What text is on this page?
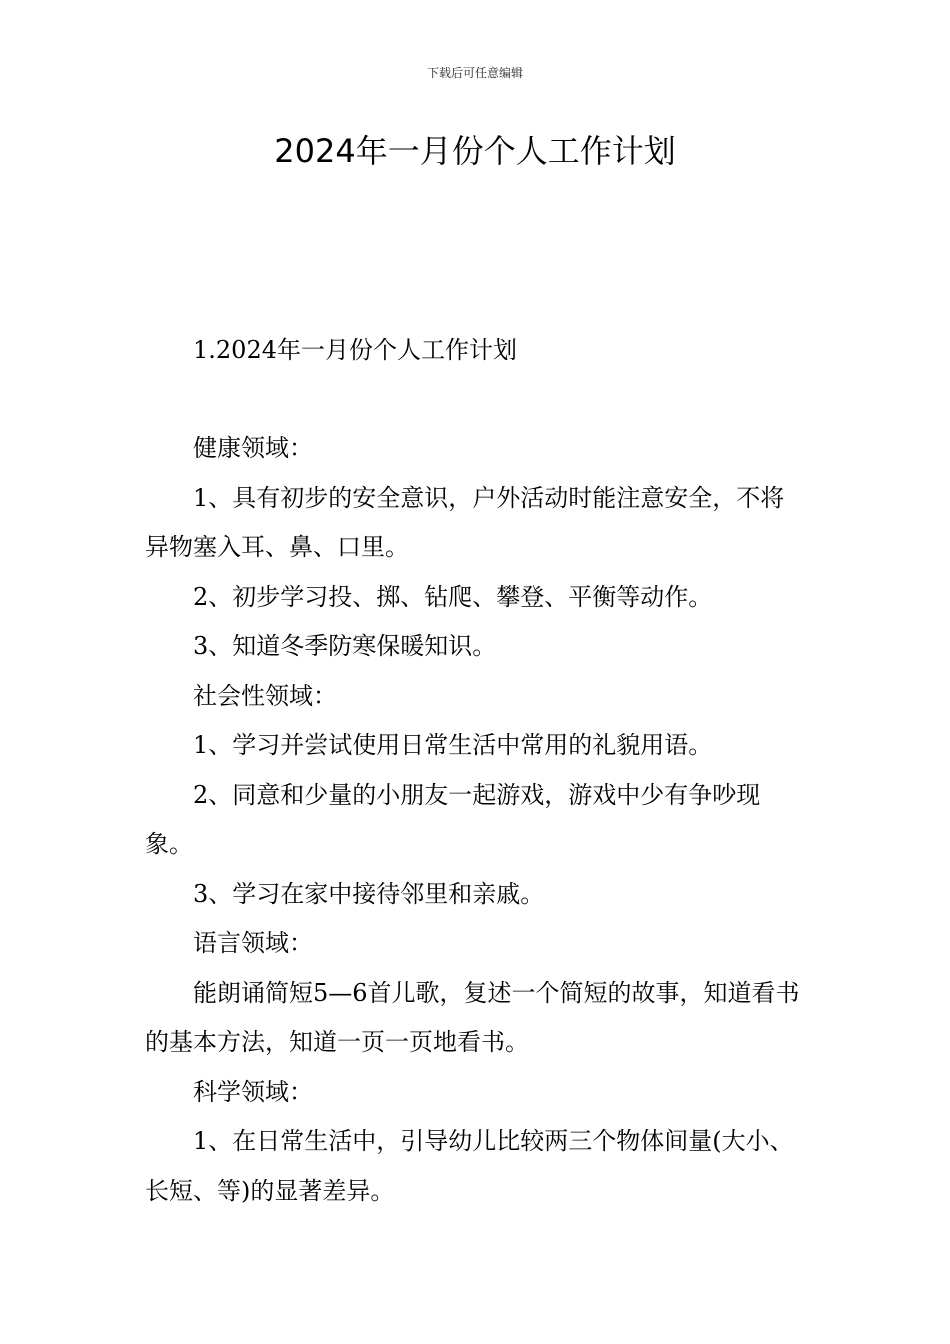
下载后可任意编辑
2024年一月份个人工作计划

1.2024年一月份个人工作计划

健康领域：

1、具有初步的安全意识，户外活动时能注意安全，不将异物塞入耳、鼻、口里。

2、初步学习投、掷、钻爬、攀登、平衡等动作。

3、知道冬季防寒保暖知识。

社会性领域：

1、学习并尝试使用日常生活中常用的礼貌用语。

2、同意和少量的小朋友一起游戏，游戏中少有争吵现象。

3、学习在家中接待邻里和亲戚。

语言领域：

能朗诵简短5—6首儿歌，复述一个简短的故事，知道看书的基本方法，知道一页一页地看书。

科学领域：

1、在日常生活中，引导幼儿比较两三个物体间量(大小、长短、等)的显著差异。
